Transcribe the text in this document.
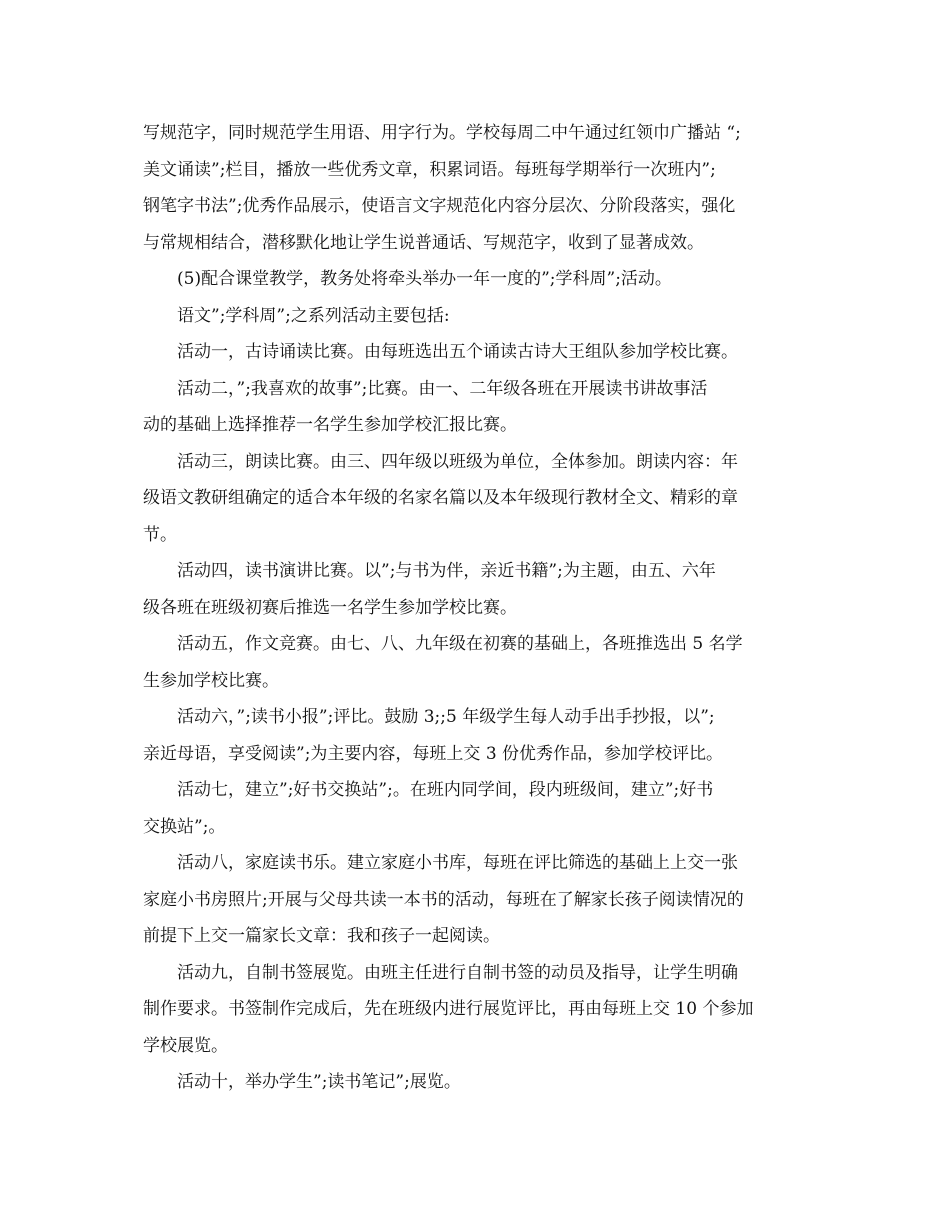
写规范字，同时规范学生用语、用字行为。学校每周二中午通过红领巾广播站 “;
美文诵读”;栏目，播放一些优秀文章，积累词语。每班每学期举行一次班内”;
钢笔字书法”;优秀作品展示，使语言文字规范化内容分层次、分阶段落实，强化
与常规相结合，潜移默化地让学生说普通话、写规范字，收到了显著成效。
(5)配合课堂教学，教务处将牵头举办一年一度的”;学科周”;活动。
语文”;学科周”;之系列活动主要包括:
活动一，古诗诵读比赛。由每班选出五个诵读古诗大王组队参加学校比赛。
活动二，”;我喜欢的故事”;比赛。由一、二年级各班在开展读书讲故事活
动的基础上选择推荐一名学生参加学校汇报比赛。
活动三，朗读比赛。由三、四年级以班级为单位，全体参加。朗读内容：年
级语文教研组确定的适合本年级的名家名篇以及本年级现行教材全文、精彩的章
节。
活动四，读书演讲比赛。以”;与书为伴，亲近书籍”;为主题，由五、六年
级各班在班级初赛后推选一名学生参加学校比赛。
活动五，作文竞赛。由七、八、九年级在初赛的基础上，各班推选出 5 名学
生参加学校比赛。
活动六，”;读书小报”;评比。鼓励 3;;5 年级学生每人动手出手抄报，以”;
亲近母语，享受阅读”;为主要内容，每班上交 3 份优秀作品，参加学校评比。
活动七，建立”;好书交换站”;。在班内同学间，段内班级间，建立”;好书
交换站”;。
活动八，家庭读书乐。建立家庭小书库，每班在评比筛选的基础上上交一张
家庭小书房照片;开展与父母共读一本书的活动，每班在了解家长孩子阅读情况的
前提下上交一篇家长文章：我和孩子一起阅读。
活动九，自制书签展览。由班主任进行自制书签的动员及指导，让学生明确
制作要求。书签制作完成后，先在班级内进行展览评比，再由每班上交 10 个参加
学校展览。
活动十，举办学生”;读书笔记”;展览。
